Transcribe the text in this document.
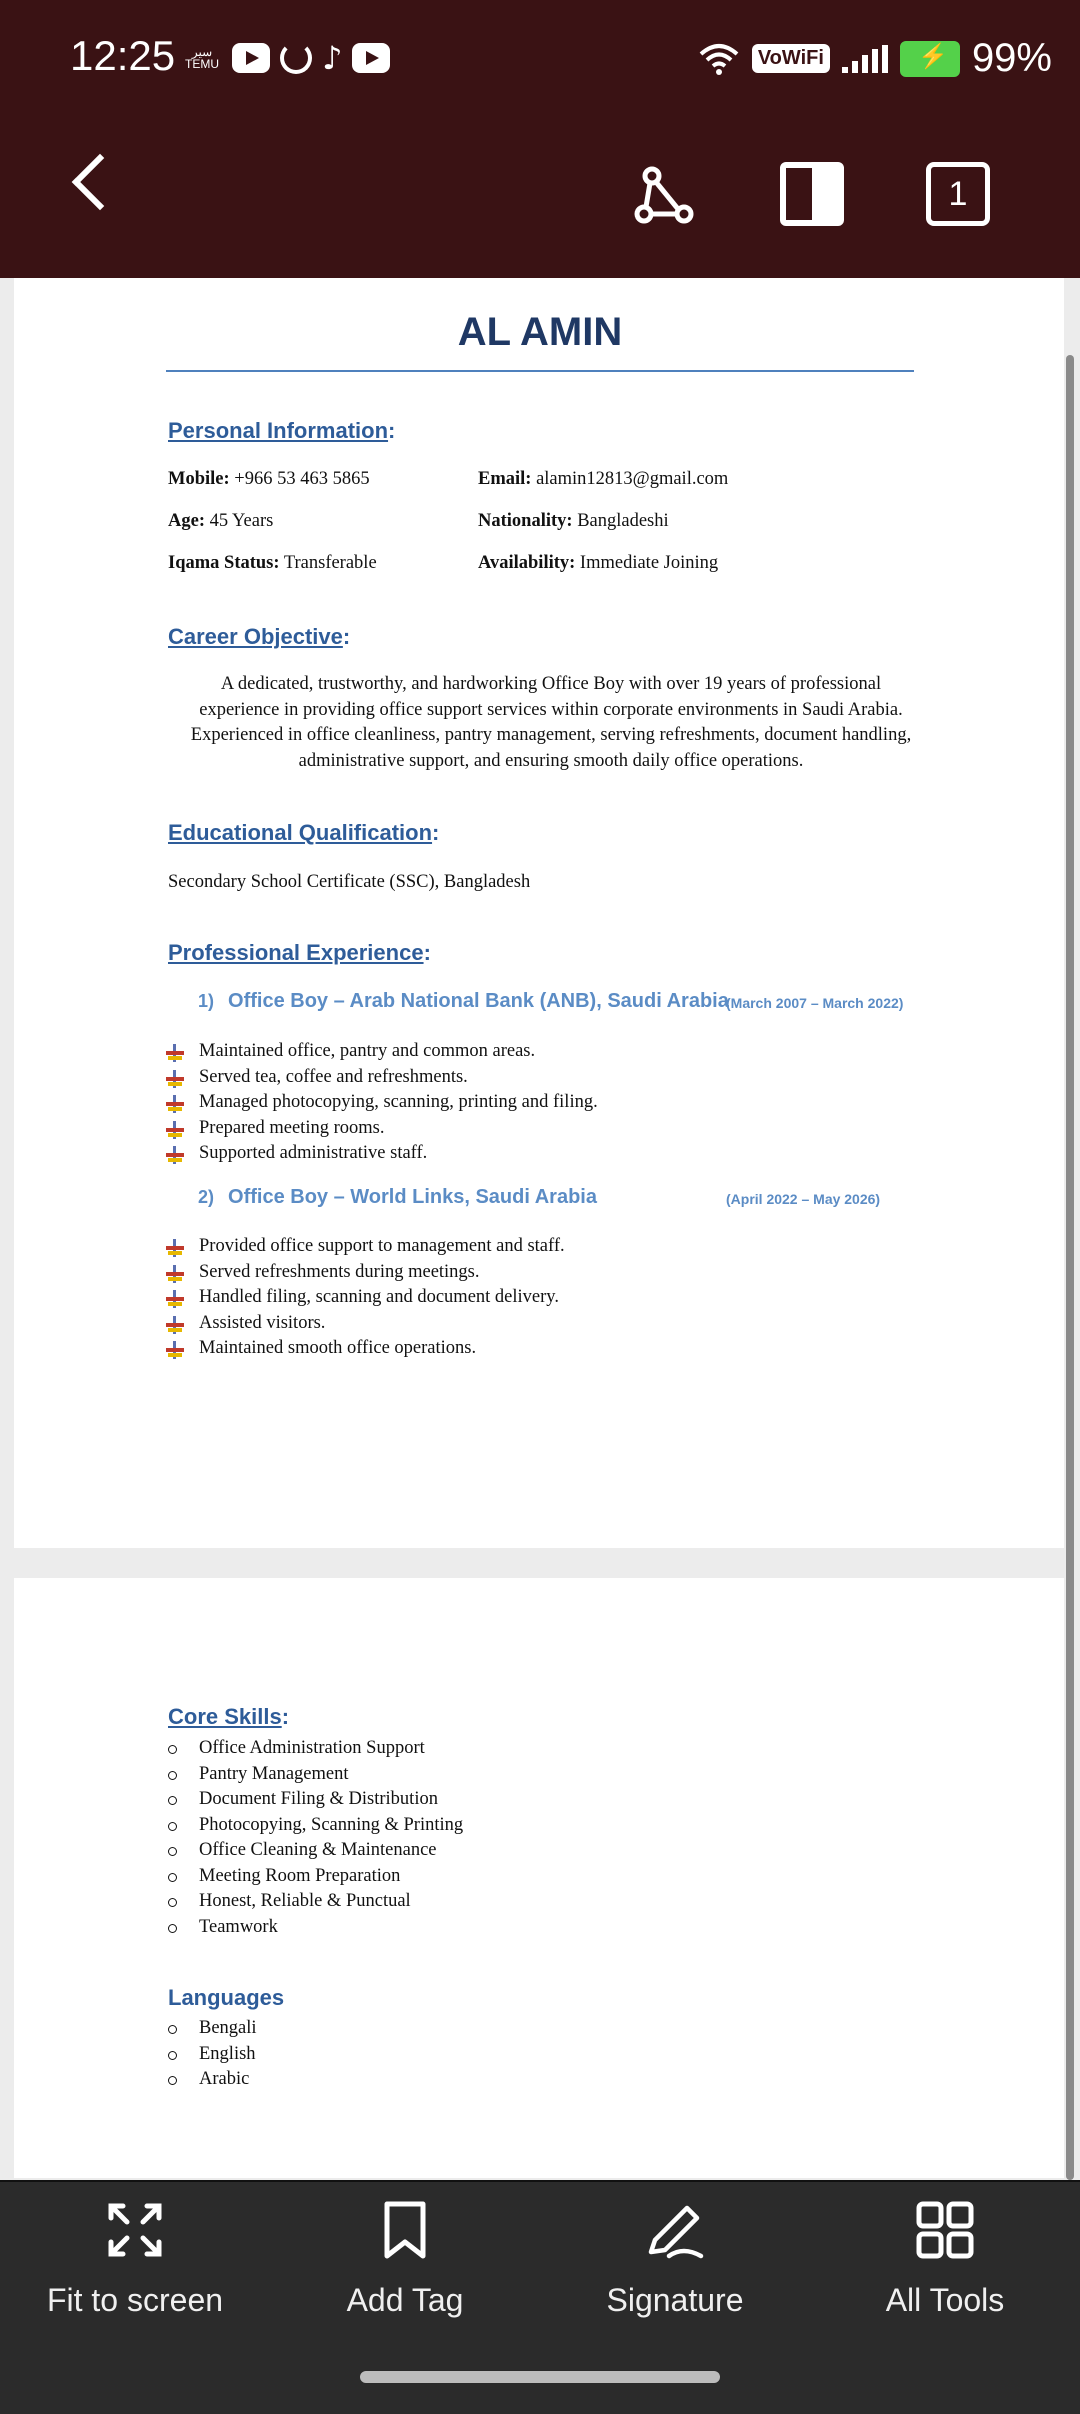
12:25	سیر
TEMU	♪	VoWiFi
⚡	99%
1
AL AMIN
Personal Information:
Mobile: +966 53 463 5865	Email: alamin12813@gmail.com
Age: 45 Years	Nationality: Bangladeshi
Iqama Status: Transferable	Availability: Immediate Joining
Career Objective:
A dedicated, trustworthy, and hardworking Office Boy with over 19 years of professional experience in providing office support services within corporate environments in Saudi Arabia. Experienced in office cleanliness, pantry management, serving refreshments, document handling, administrative support, and ensuring smooth daily office operations.
Educational Qualification:
Secondary School Certificate (SSC), Bangladesh
Professional Experience:
1) Office Boy – Arab National Bank (ANB), Saudi Arabia
(March 2007 – March 2022)
Maintained office, pantry and common areas.
Served tea, coffee and refreshments.
Managed photocopying, scanning, printing and filing.
Prepared meeting rooms.
Supported administrative staff.
2) Office Boy – World Links, Saudi Arabia	(April 2022 – May 2026)
Provided office support to management and staff.
Served refreshments during meetings.
Handled filing, scanning and document delivery.
Assisted visitors.
Maintained smooth office operations.
Core Skills:
Office Administration Support
Pantry Management
Document Filing & Distribution
Photocopying, Scanning & Printing
Office Cleaning & Maintenance
Meeting Room Preparation
Honest, Reliable & Punctual
Teamwork
Languages
Bengali
English
Arabic
Fit to screen	Add Tag	Signature	All Tools
